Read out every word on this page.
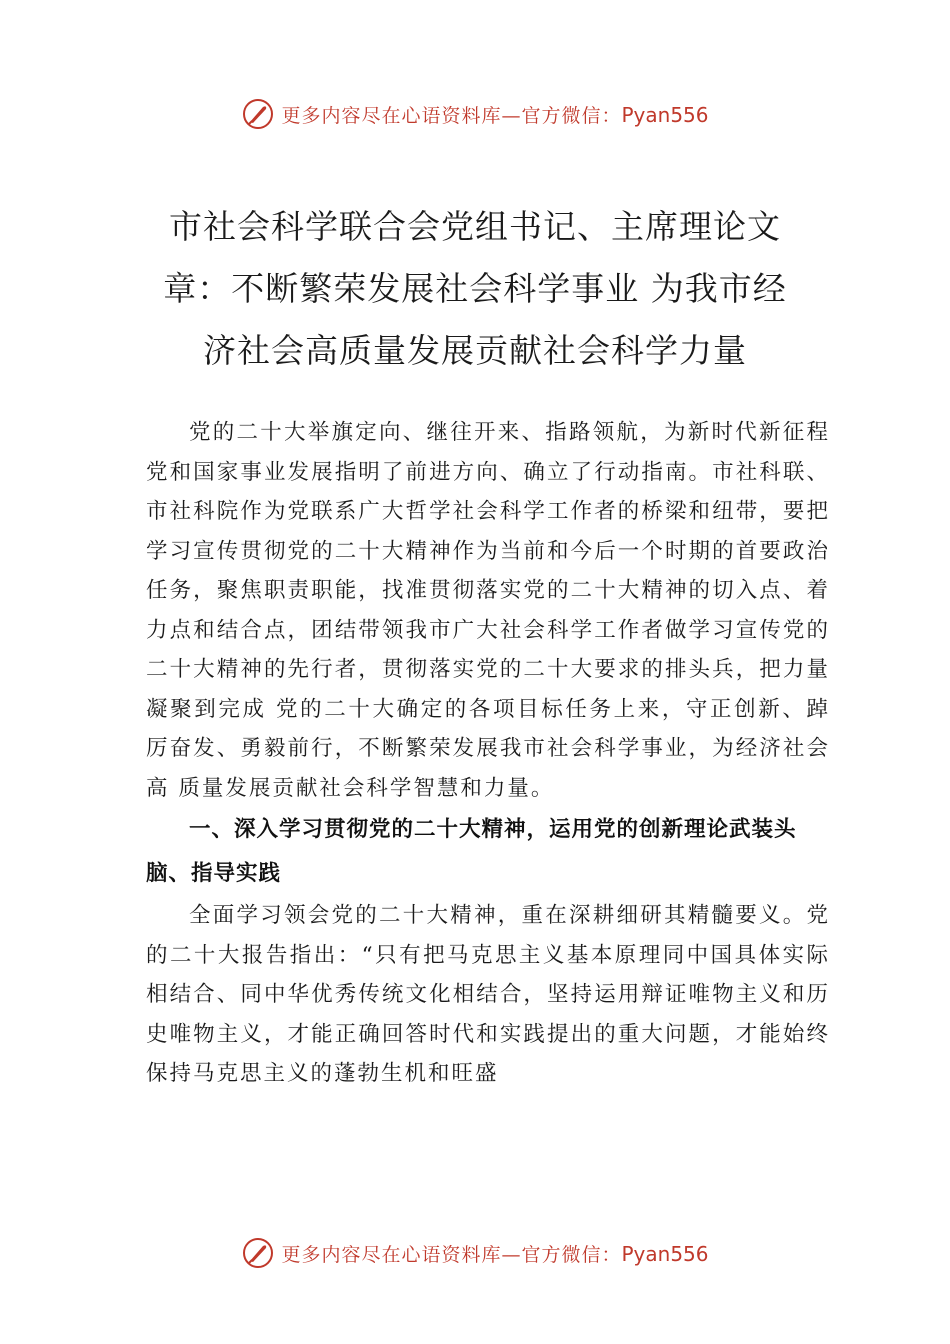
更多内容尽在心语资料库—官方微信：Pyan556
市社会科学联合会党组书记、主席理论文章：不断繁荣发展社会科学事业 为我市经济社会高质量发展贡献社会科学力量

党的二十大举旗定向、继往开来、指路领航，为新时代新征程党和国家事业发展指明了前进方向、确立了行动指南。市社科联、市社科院作为党联系广大哲学社会科学工作者的桥梁和纽带，要把学习宣传贯彻党的二十大精神作为当前和今后一个时期的首要政治任务，聚焦职责职能，找准贯彻落实党的二十大精神的切入点、着力点和结合点，团结带领我市广大社会科学工作者做学习宣传党的二十大精神的先行者，贯彻落实党的二十大要求的排头兵，把力量凝聚到完成 党的二十大确定的各项目标任务上来，守正创新、踔厉奋发、勇毅前行，不断繁荣发展我市社会科学事业，为经济社会高 质量发展贡献社会科学智慧和力量。

一、深入学习贯彻党的二十大精神，运用党的创新理论武装头脑、指导实践

全面学习领会党的二十大精神，重在深耕细研其精髓要义。党的二十大报告指出：“只有把马克思主义基本原理同中国具体实际相结合、同中华优秀传统文化相结合，坚持运用辩证唯物主义和历史唯物主义，才能正确回答时代和实践提出的重大问题，才能始终保持马克思主义的蓬勃生机和旺盛

更多内容尽在心语资料库—官方微信：Pyan556
